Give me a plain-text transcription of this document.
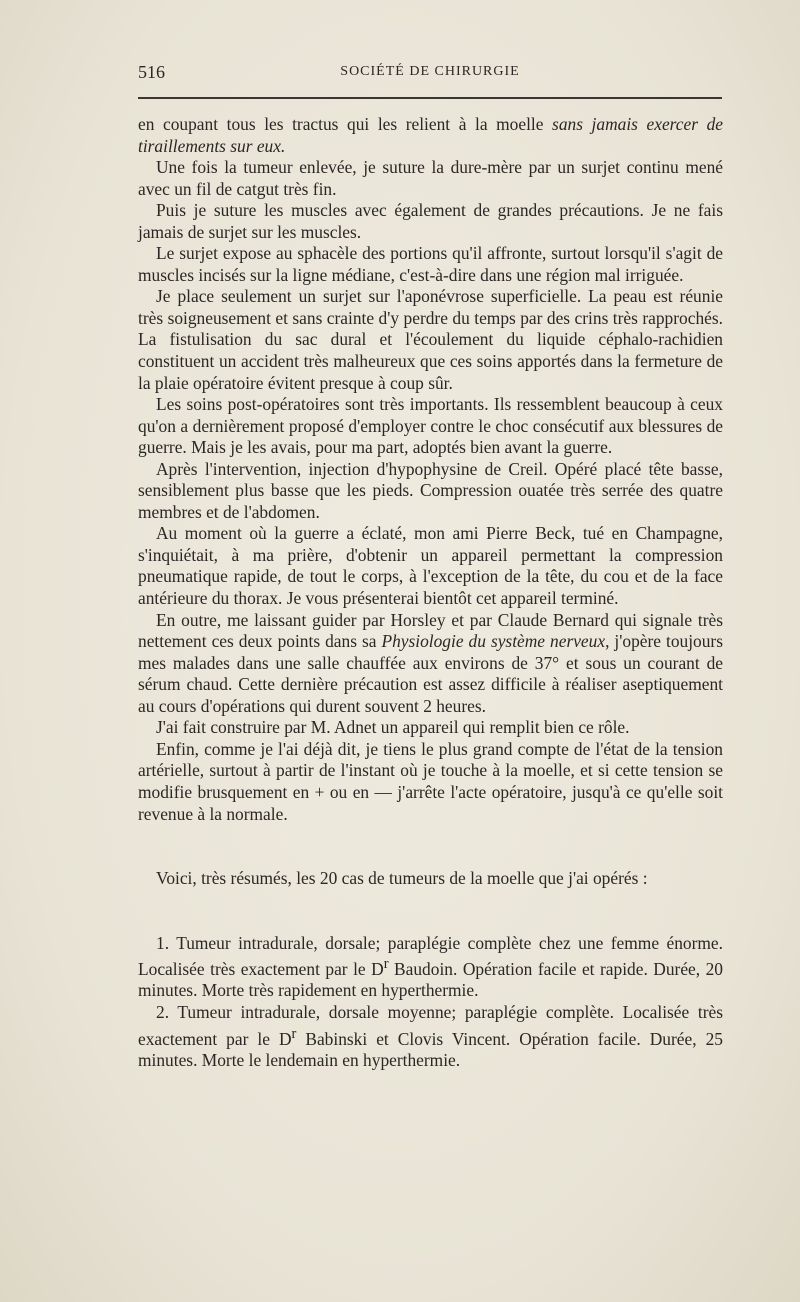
516	SOCIÉTÉ DE CHIRURGIE

en coupant tous les tractus qui les relient à la moelle sans jamais exercer de tiraillements sur eux.

Une fois la tumeur enlevée, je suture la dure-mère par un surjet continu mené avec un fil de catgut très fin.

Puis je suture les muscles avec également de grandes précautions. Je ne fais jamais de surjet sur les muscles.

Le surjet expose au sphacèle des portions qu'il affronte, surtout lorsqu'il s'agit de muscles incisés sur la ligne médiane, c'est-à-dire dans une région mal irriguée.

Je place seulement un surjet sur l'aponévrose superficielle. La peau est réunie très soigneusement et sans crainte d'y perdre du temps par des crins très rapprochés. La fistulisation du sac dural et l'écoulement du liquide céphalo-rachidien constituent un accident très malheureux que ces soins apportés dans la fermeture de la plaie opératoire évitent presque à coup sûr.

Les soins post-opératoires sont très importants. Ils ressemblent beaucoup à ceux qu'on a dernièrement proposé d'employer contre le choc consécutif aux blessures de guerre. Mais je les avais, pour ma part, adoptés bien avant la guerre.

Après l'intervention, injection d'hypophysine de Creil. Opéré placé tête basse, sensiblement plus basse que les pieds. Compression ouatée très serrée des quatre membres et de l'abdomen.

Au moment où la guerre a éclaté, mon ami Pierre Beck, tué en Champagne, s'inquiétait, à ma prière, d'obtenir un appareil permettant la compression pneumatique rapide, de tout le corps, à l'exception de la tête, du cou et de la face antérieure du thorax. Je vous présenterai bientôt cet appareil terminé.

En outre, me laissant guider par Horsley et par Claude Bernard qui signale très nettement ces deux points dans sa Physiologie du système nerveux, j'opère toujours mes malades dans une salle chauffée aux environs de 37° et sous un courant de sérum chaud. Cette dernière précaution est assez difficile à réaliser aseptiquement au cours d'opérations qui durent souvent 2 heures.

J'ai fait construire par M. Adnet un appareil qui remplit bien ce rôle.

Enfin, comme je l'ai déjà dit, je tiens le plus grand compte de l'état de la tension artérielle, surtout à partir de l'instant où je touche à la moelle, et si cette tension se modifie brusquement en + ou en — j'arrête l'acte opératoire, jusqu'à ce qu'elle soit revenue à la normale.

Voici, très résumés, les 20 cas de tumeurs de la moelle que j'ai opérés :

1. Tumeur intradurale, dorsale; paraplégie complète chez une femme énorme. Localisée très exactement par le $D^r$ Baudoin. Opération facile et rapide. Durée, 20 minutes. Morte très rapidement en hyperthermie.

2. Tumeur intradurale, dorsale moyenne; paraplégie complète. Localisée très exactement par le $D^r$ Babinski et Clovis Vincent. Opération facile. Durée, 25 minutes. Morte le lendemain en hyperthermie.
